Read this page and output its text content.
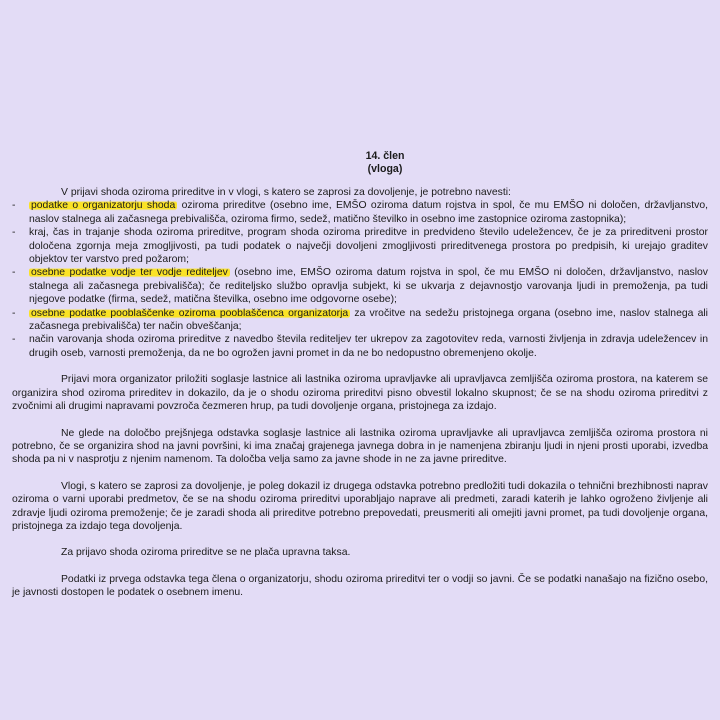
14. člen
(vloga)

V prijavi shoda oziroma prireditve in v vlogi, s katero se zaprosi za dovoljenje, je potrebno navesti:

- podatke o organizatorju shoda oziroma prireditve (osebno ime, EMŠO oziroma datum rojstva in spol, če mu EMŠO ni določen, državljanstvo, naslov stalnega ali začasnega prebivališča, oziroma firmo, sedež, matično številko in osebno ime zastopnice oziroma zastopnika);
- kraj, čas in trajanje shoda oziroma prireditve, program shoda oziroma prireditve in predvideno število udeležencev, če je za prireditveni prostor določena zgornja meja zmogljivosti, pa tudi podatek o največji dovoljeni zmogljivosti prireditvenega prostora po predpisih, ki urejajo graditev objektov ter varstvo pred požarom;
- osebne podatke vodje ter vodje rediteljev (osebno ime, EMŠO oziroma datum rojstva in spol, če mu EMŠO ni določen, državljanstvo, naslov stalnega ali začasnega prebivališča); če rediteljsko službo opravlja subjekt, ki se ukvarja z dejavnostjo varovanja ljudi in premoženja, pa tudi njegove podatke (firma, sedež, matična številka, osebno ime odgovorne osebe);
- osebne podatke pooblaščenke oziroma pooblaščenca organizatorja za vročitve na sedežu pristojnega organa (osebno ime, naslov stalnega ali začasnega prebivališča) ter način obveščanja;
- način varovanja shoda oziroma prireditve z navedbo števila rediteljev ter ukrepov za zagotovitev reda, varnosti življenja in zdravja udeležencev in drugih oseb, varnosti premoženja, da ne bo ogrožen javni promet in da ne bo nedopustno obremenjeno okolje.

Prijavi mora organizator priložiti soglasje lastnice ali lastnika oziroma upravljavke ali upravljavca zemljišča oziroma prostora, na katerem se organizira shod oziroma prireditev in dokazilo, da je o shodu oziroma prireditvi pisno obvestil lokalno skupnost; če se na shodu oziroma prireditvi z zvočnimi ali drugimi napravami povzroča čezmeren hrup, pa tudi dovoljenje organa, pristojnega za izdajo.

Ne glede na določbo prejšnjega odstavka soglasje lastnice ali lastnika oziroma upravljavke ali upravljavca zemljišča oziroma prostora ni potrebno, če se organizira shod na javni površini, ki ima značaj grajenega javnega dobra in je namenjena zbiranju ljudi in njeni prosti uporabi, izvedba shoda pa ni v nasprotju z njenim namenom. Ta določba velja samo za javne shode in ne za javne prireditve.

Vlogi, s katero se zaprosi za dovoljenje, je poleg dokazil iz drugega odstavka potrebno predložiti tudi dokazila o tehnični brezhibnosti naprav oziroma o varni uporabi predmetov, če se na shodu oziroma prireditvi uporabljajo naprave ali predmeti, zaradi katerih je lahko ogroženo življenje ali zdravje ljudi oziroma premoženje; če je zaradi shoda ali prireditve potrebno prepovedati, preusmeriti ali omejiti javni promet, pa tudi dovoljenje organa, pristojnega za izdajo tega dovoljenja.

Za prijavo shoda oziroma prireditve se ne plača upravna taksa.

Podatki iz prvega odstavka tega člena o organizatorju, shodu oziroma prireditvi ter o vodji so javni. Če se podatki nanašajo na fizično osebo, je javnosti dostopen le podatek o osebnem imenu.
